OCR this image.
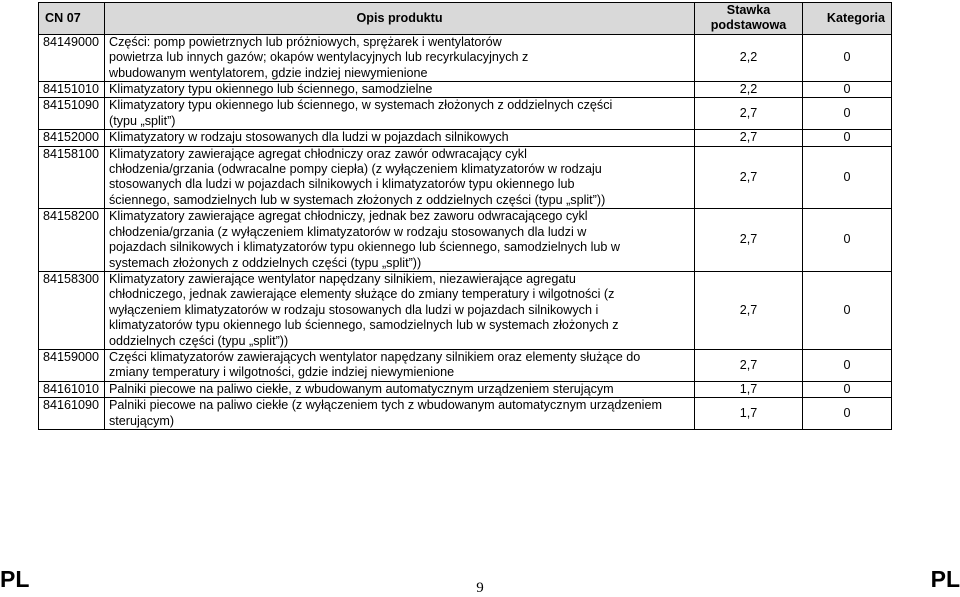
CN 07	Opis produktu	Stawka podstawowa	Kategoria
84149000	Części: pomp powietrznych lub próżniowych, sprężarek i wentylatorów powietrza lub innych gazów; okapów wentylacyjnych lub recyrkulacyjnych z wbudowanym wentylatorem, gdzie indziej niewymienione	2,2	0
84151010	Klimatyzatory typu okiennego lub ściennego, samodzielne	2,2	0
84151090	Klimatyzatory typu okiennego lub ściennego, w systemach złożonych z oddzielnych części (typu „split”)	2,7	0
84152000	Klimatyzatory w rodzaju stosowanych dla ludzi w pojazdach silnikowych	2,7	0
84158100	Klimatyzatory zawierające agregat chłodniczy oraz zawór odwracający cykl chłodzenia/grzania (odwracalne pompy ciepła) (z wyłączeniem klimatyzatorów w rodzaju stosowanych dla ludzi w pojazdach silnikowych i klimatyzatorów typu okiennego lub ściennego, samodzielnych lub w systemach złożonych z oddzielnych części (typu „split”))	2,7	0
84158200	Klimatyzatory zawierające agregat chłodniczy, jednak bez zaworu odwracającego cykl chłodzenia/grzania (z wyłączeniem klimatyzatorów w rodzaju stosowanych dla ludzi w pojazdach silnikowych i klimatyzatorów typu okiennego lub ściennego, samodzielnych lub w systemach złożonych z oddzielnych części (typu „split”))	2,7	0
84158300	Klimatyzatory zawierające wentylator napędzany silnikiem, niezawierające agregatu chłodniczego, jednak zawierające elementy służące do zmiany temperatury i wilgotności (z wyłączeniem klimatyzatorów w rodzaju stosowanych dla ludzi w pojazdach silnikowych i klimatyzatorów typu okiennego lub ściennego, samodzielnych lub w systemach złożonych z oddzielnych części (typu „split”))	2,7	0
84159000	Części klimatyzatorów zawierających wentylator napędzany silnikiem oraz elementy służące do zmiany temperatury i wilgotności, gdzie indziej niewymienione	2,7	0
84161010	Palniki piecowe na paliwo ciekłe, z wbudowanym automatycznym urządzeniem sterującym	1,7	0
84161090	Palniki piecowe na paliwo ciekłe (z wyłączeniem tych z wbudowanym automatycznym urządzeniem sterującym)	1,7	0
PL	9	PL
